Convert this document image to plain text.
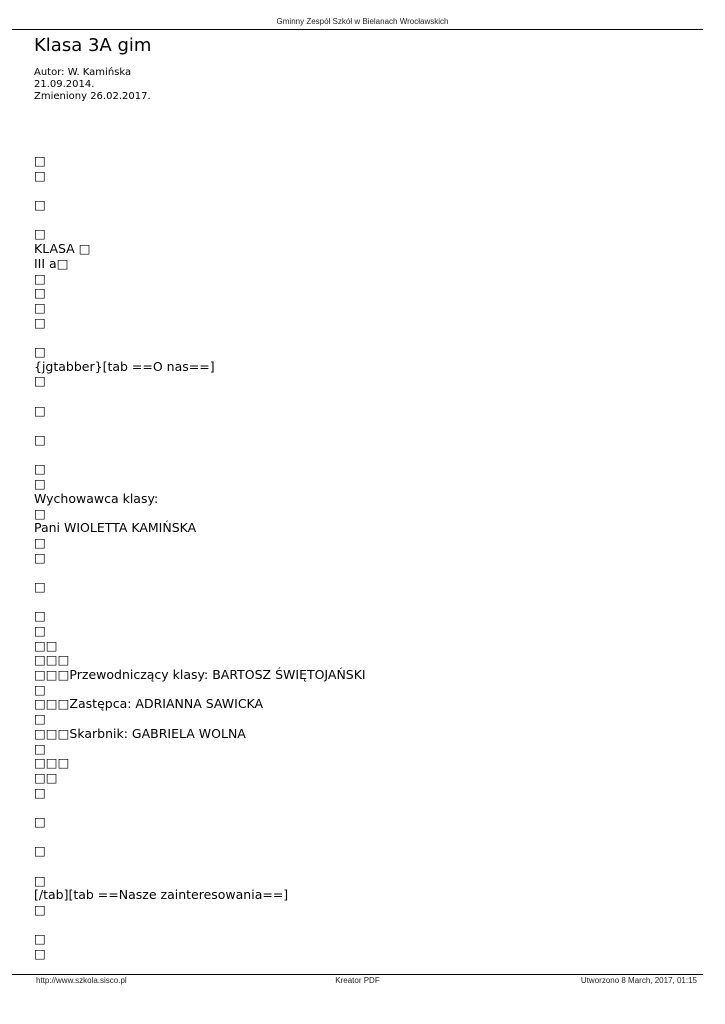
Gminny Zespół Szkół w Bielanach Wrocławskich
Klasa 3A gim
Autor: W. Kamińska
21.09.2014.
Zmieniony 26.02.2017.
□
□
□
□
KLASA □
III a□
□
□
□
□
□
{jgtabber}[tab ==O nas==]
□
□
□
□
□
Wychowawca klasy:
□
Pani WIOLETTA KAMIŃSKA
□
□
□
□
□
□□
□□□
□□□Przewodniczący klasy: BARTOSZ ŚWIĘTOJAŃSKI
□
□□□Zastępca: ADRIANNA SAWICKA
□
□□□Skarbnik: GABRIELA WOLNA
□
□□□
□□
□
□
□
□
[/tab][tab ==Nasze zainteresowania==]
□
□
□
http://www.szkola.sisco.pl	Kreator PDF	Utworzono 8 March, 2017, 01:15
